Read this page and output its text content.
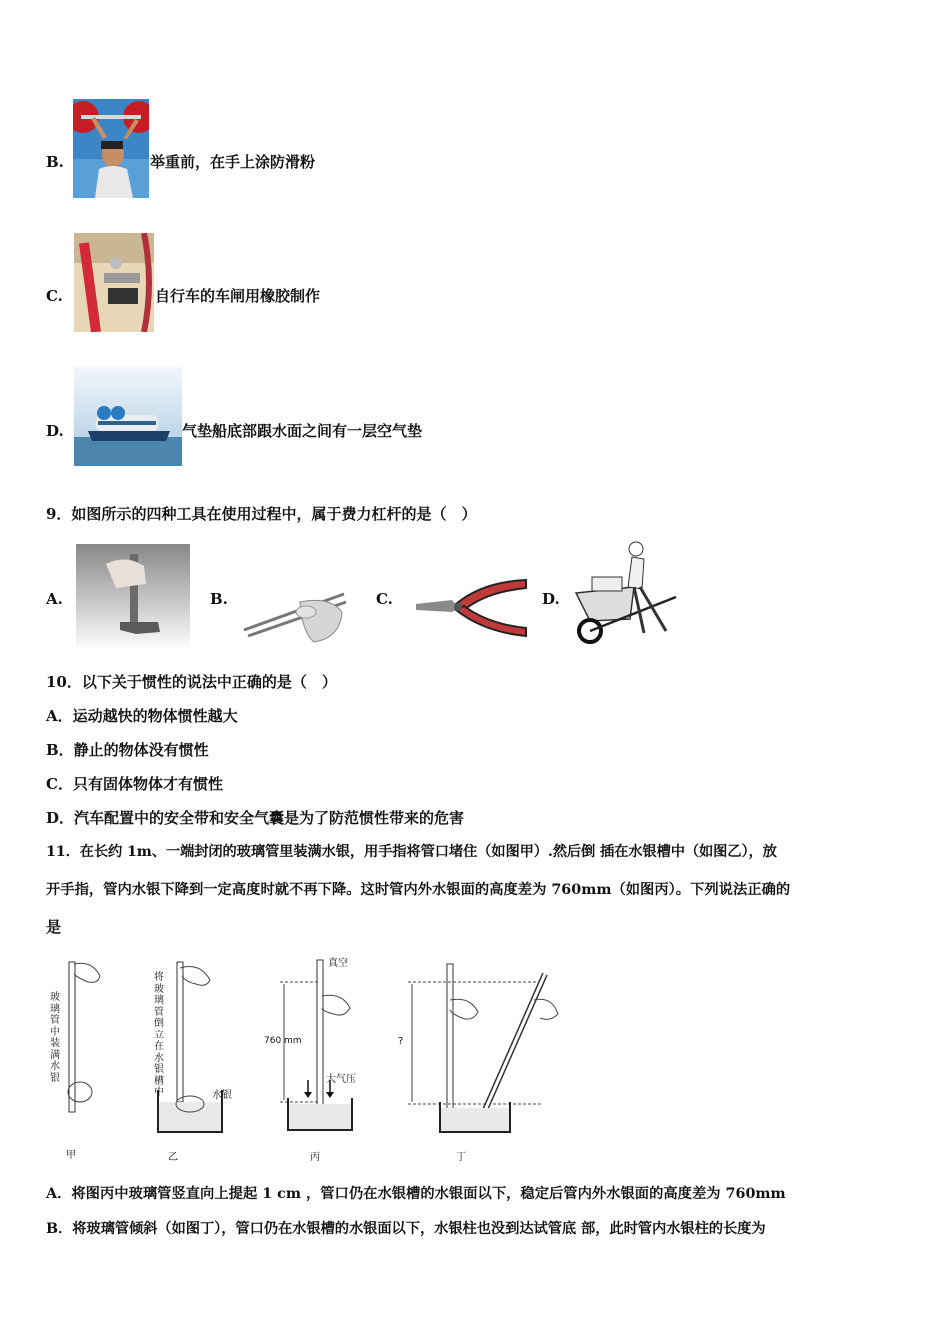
B.	举重前，在手上涂防滑粉
C.	自行车的车闸用橡胶制作
D.	气垫船底部跟水面之间有一层空气垫
9．如图所示的四种工具在使用过程中，属于费力杠杆的是（　）
A.	B.	C.	D.
10．以下关于惯性的说法中正确的是（　）
A．运动越快的物体惯性越大
B．静止的物体没有惯性
C．只有固体物体才有惯性
D．汽车配置中的安全带和安全气囊是为了防范惯性带来的危害
11．在长约 1m、一端封闭的玻璃管里装满水银，用手指将管口堵住（如图甲）.然后倒 插在水银槽中（如图乙），放
开手指，管内水银下降到一定高度时就不再下降。这时管内外水银面的高度差为 760mm（如图丙）。下列说法正确的
是
玻璃管中装满水银
将玻璃管倒立在水银槽中	水银
真空
760 mm
大气压
?
甲	乙	丙	丁
A．将图丙中玻璃管竖直向上提起 1 cm ，管口仍在水银槽的水银面以下，稳定后管内外水银面的高度差为 760mm
B．将玻璃管倾斜（如图丁），管口仍在水银槽的水银面以下，水银柱也没到达试管底 部，此时管内水银柱的长度为
